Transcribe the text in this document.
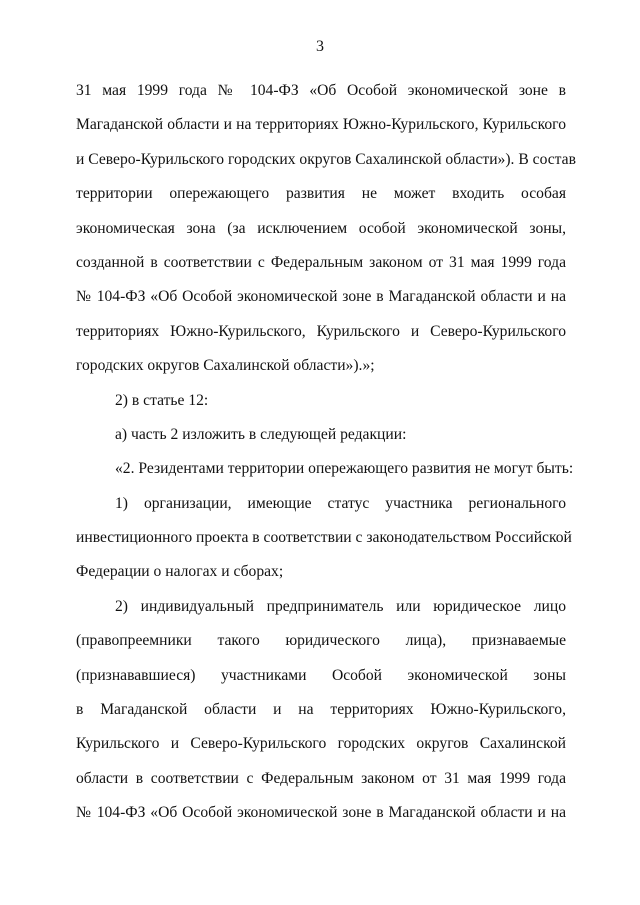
3
31 мая 1999 года № 104-ФЗ «Об Особой экономической зоне в
Магаданской области и на территориях Южно-Курильского, Курильского
и Северо-Курильского городских округов Сахалинской области»). В состав
территории опережающего развития не может входить особая
экономическая зона (за исключением особой экономической зоны,
созданной в соответствии с Федеральным законом от 31 мая 1999 года
№ 104-ФЗ «Об Особой экономической зоне в Магаданской области и на
территориях Южно-Курильского, Курильского и Северо-Курильского
городских округов Сахалинской области»).»;
2) в статье 12:
а) часть 2 изложить в следующей редакции:
«2. Резидентами территории опережающего развития не могут быть:
1) организации, имеющие статус участника регионального
инвестиционного проекта в соответствии с законодательством Российской
Федерации о налогах и сборах;
2) индивидуальный предприниматель или юридическое лицо
(правопреемники такого юридического лица), признаваемые
(признававшиеся) участниками Особой экономической зоны
в Магаданской области и на территориях Южно-Курильского,
Курильского и Северо-Курильского городских округов Сахалинской
области в соответствии с Федеральным законом от 31 мая 1999 года
№ 104-ФЗ «Об Особой экономической зоне в Магаданской области и на
